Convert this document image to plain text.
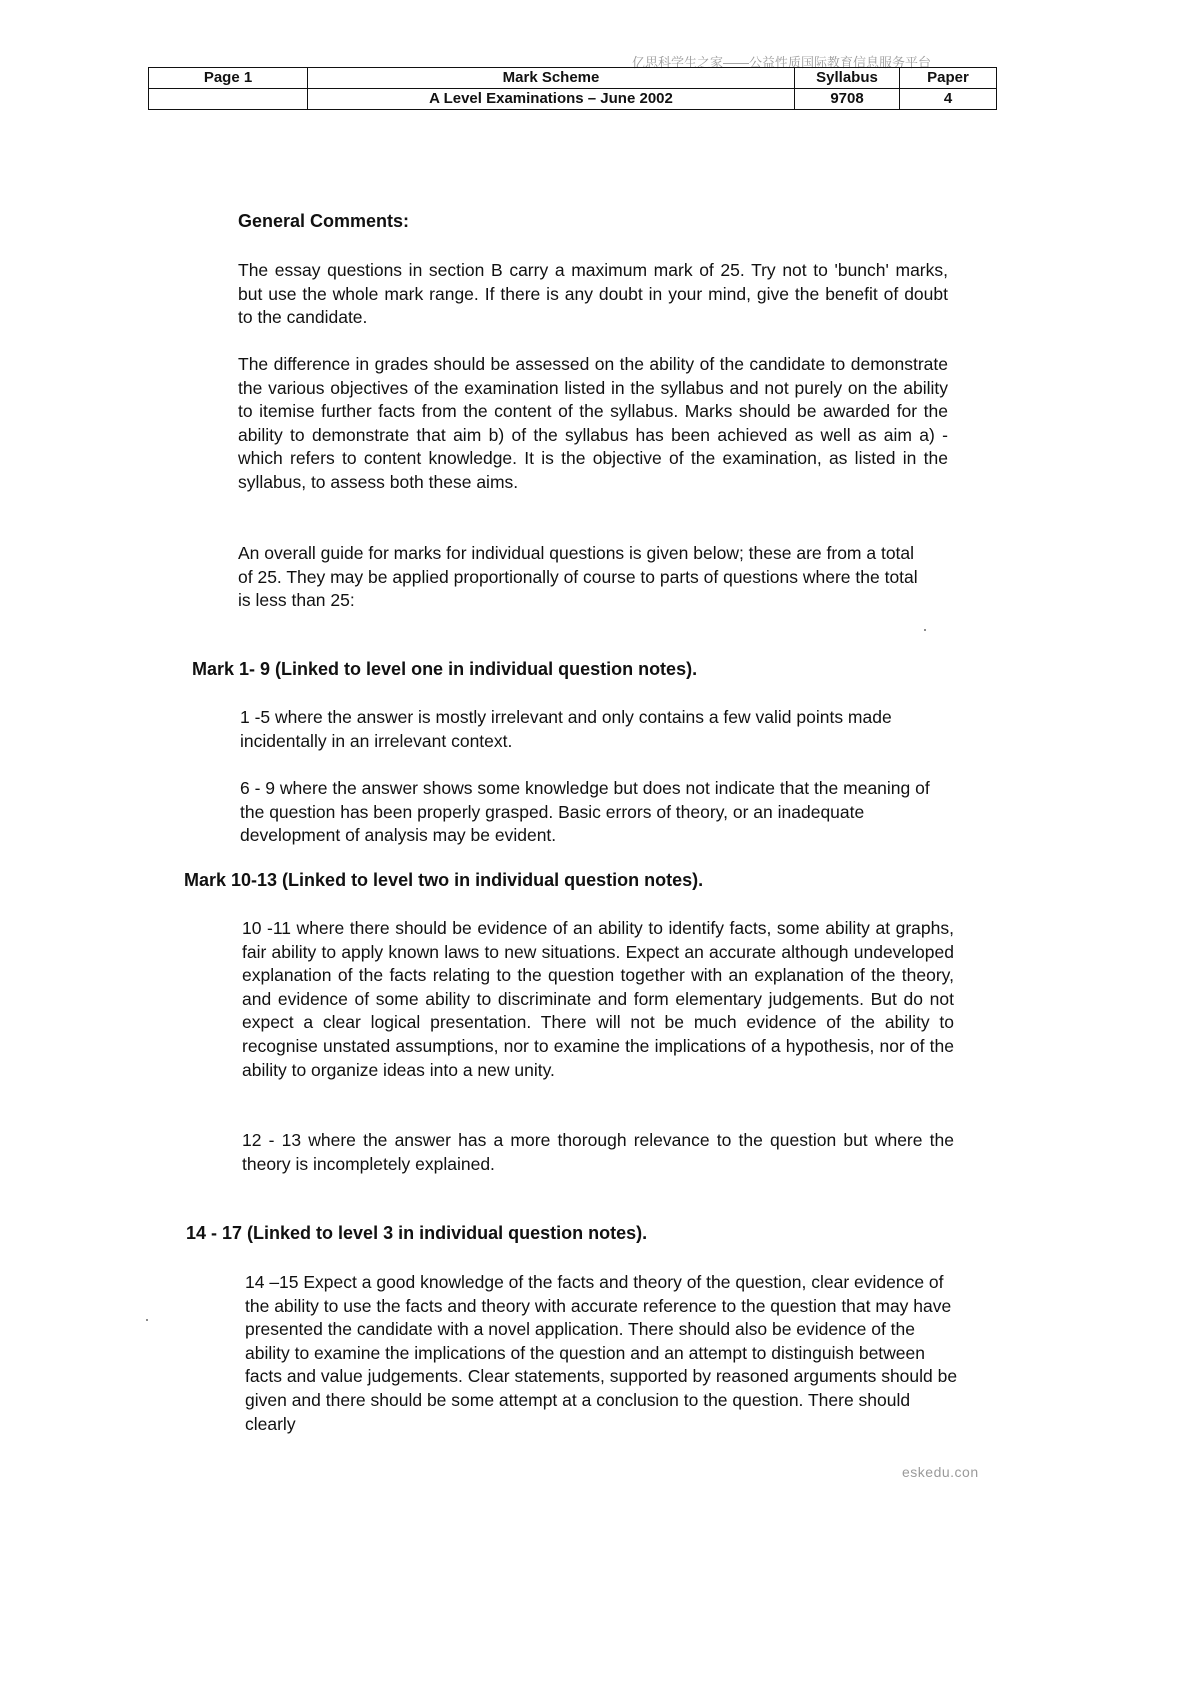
亿思科学生之家——公益性质国际教育信息服务平台
Page 1	Mark Scheme	Syllabus	Paper
	A Level Examinations – June 2002	9708	4
General Comments:
The essay questions in section B carry a maximum mark of 25. Try not to 'bunch' marks, but use the whole mark range. If there is any doubt in your mind, give the benefit of doubt to the candidate.
The difference in grades should be assessed on the ability of the candidate to demonstrate the various objectives of the examination listed in the syllabus and not purely on the ability to itemise further facts from the content of the syllabus. Marks should be awarded for the ability to demonstrate that aim b) of the syllabus has been achieved as well as aim a) - which refers to content knowledge. It is the objective of the examination, as listed in the syllabus, to assess both these aims.
An overall guide for marks for individual questions is given below; these are from a total of 25. They may be applied proportionally of course to parts of questions where the total is less than 25:
Mark 1- 9 (Linked to level one in individual question notes).
1 -5 where the answer is mostly irrelevant and only contains a few valid points made incidentally in an irrelevant context.
6 - 9 where the answer shows some knowledge but does not indicate that the meaning of the question has been properly grasped. Basic errors of theory, or an inadequate development of analysis may be evident.
Mark 10-13 (Linked to level two in individual question notes).
10 -11 where there should be evidence of an ability to identify facts, some ability at graphs, fair ability to apply known laws to new situations. Expect an accurate although undeveloped explanation of the facts relating to the question together with an explanation of the theory, and evidence of some ability to discriminate and form elementary judgements. But do not expect a clear logical presentation. There will not be much evidence of the ability to recognise unstated assumptions, nor to examine the implications of a hypothesis, nor of the ability to organize ideas into a new unity.
12 - 13 where the answer has a more thorough relevance to the question but where the theory is incompletely explained.
14 - 17 (Linked to level 3 in individual question notes).
14 –15 Expect a good knowledge of the facts and theory of the question, clear evidence of the ability to use the facts and theory with accurate reference to the question that may have presented the candidate with a novel application. There should also be evidence of the ability to examine the implications of the question and an attempt to distinguish between facts and value judgements. Clear statements, supported by reasoned arguments should be given and there should be some attempt at a conclusion to the question. There should clearly
eskedu.con
